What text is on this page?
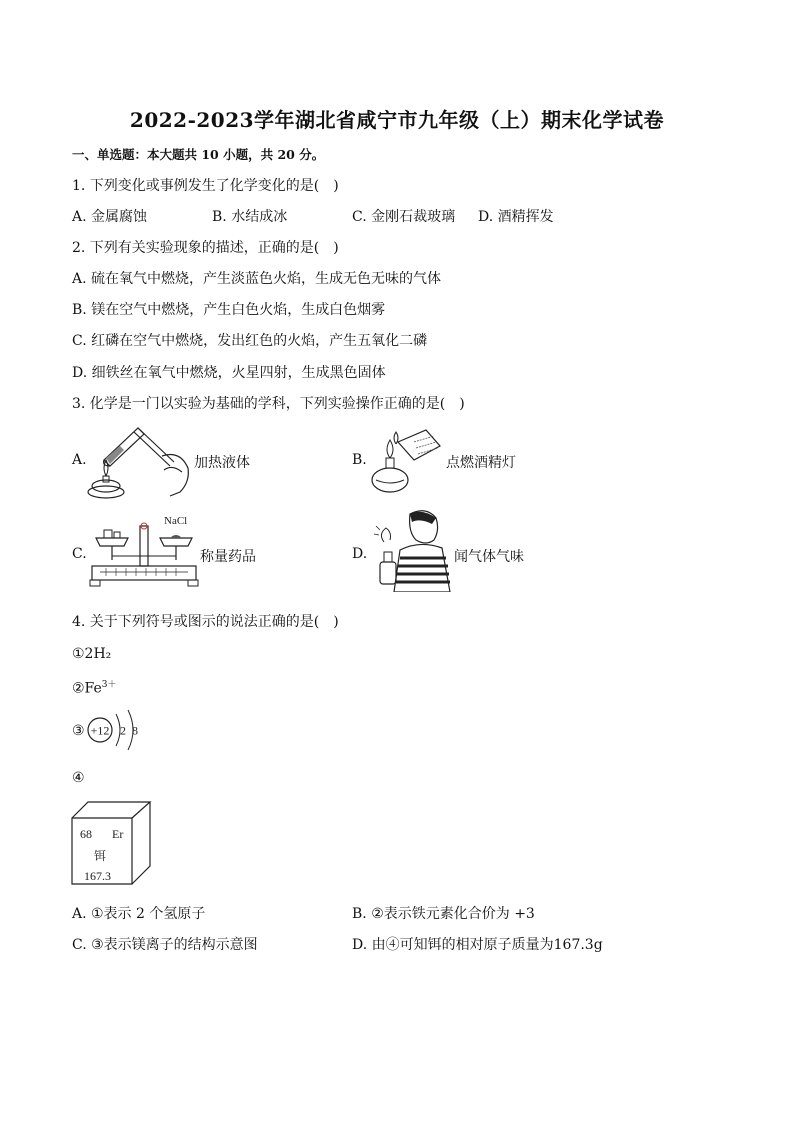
2022-2023学年湖北省咸宁市九年级（上）期末化学试卷
一、单选题：本大题共 10 小题，共 20 分。
1. 下列变化或事例发生了化学变化的是(　)
A. 金属腐蚀	B. 水结成冰	C. 金刚石裁玻璃 D. 酒精挥发
2. 下列有关实验现象的描述，正确的是(　)
A. 硫在氧气中燃烧，产生淡蓝色火焰，生成无色无味的气体
B. 镁在空气中燃烧，产生白色火焰，生成白色烟雾
C. 红磷在空气中燃烧，发出红色的火焰，产生五氧化二磷
D. 细铁丝在氧气中燃烧，火星四射，生成黑色固体
3. 化学是一门以实验为基础的学科，下列实验操作正确的是(　)
A.	加热液体	B.	点燃酒精灯
C.
NaCl
称量药品	D.	闻气体气味
4. 关于下列符号或图示的说法正确的是(　)
①2H₂
$②Fe^{3+}$
③ +12 2 8
④
68 Er
铒
167.3
A. ①表示 2 个氢原子	B. ②表示铁元素化合价为 +3
C. ③表示镁离子的结构示意图	D. 由④可知铒的相对原子质量为167.3g
